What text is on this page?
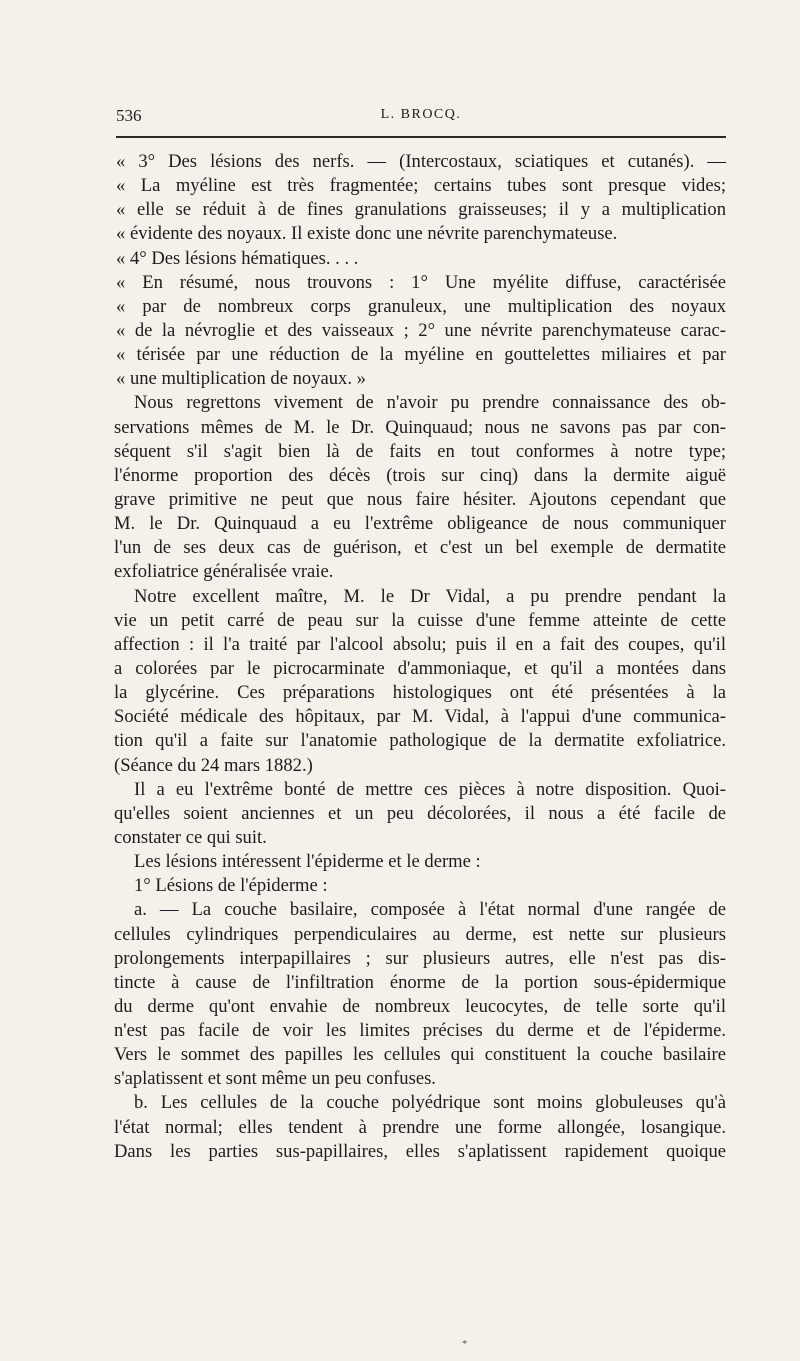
536	L. BROCQ.
« 3° Des lésions des nerfs. — (Intercostaux, sciatiques et cutanés). —
« La myéline est très fragmentée; certains tubes sont presque vides;
« elle se réduit à de fines granulations graisseuses; il y a multiplication
« évidente des noyaux. Il existe donc une névrite parenchymateuse.
« 4° Des lésions hématiques. . . .
« En résumé, nous trouvons : 1° Une myélite diffuse, caractérisée
« par de nombreux corps granuleux, une multiplication des noyaux
« de la névroglie et des vaisseaux ; 2° une névrite parenchymateuse carac-
« térisée par une réduction de la myéline en gouttelettes miliaires et par
« une multiplication de noyaux. »
Nous regrettons vivement de n'avoir pu prendre connaissance des ob-
servations mêmes de M. le Dr. Quinquaud; nous ne savons pas par con-
séquent s'il s'agit bien là de faits en tout conformes à notre type;
l'énorme proportion des décès (trois sur cinq) dans la dermite aiguë
grave primitive ne peut que nous faire hésiter. Ajoutons cependant que
M. le Dr. Quinquaud a eu l'extrême obligeance de nous communiquer
l'un de ses deux cas de guérison, et c'est un bel exemple de dermatite
exfoliatrice généralisée vraie.
Notre excellent maître, M. le Dr Vidal, a pu prendre pendant la
vie un petit carré de peau sur la cuisse d'une femme atteinte de cette
affection : il l'a traité par l'alcool absolu; puis il en a fait des coupes, qu'il
a colorées par le picrocarminate d'ammoniaque, et qu'il a montées dans
la glycérine. Ces préparations histologiques ont été présentées à la
Société médicale des hôpitaux, par M. Vidal, à l'appui d'une communica-
tion qu'il a faite sur l'anatomie pathologique de la dermatite exfoliatrice.
(Séance du 24 mars 1882.)
Il a eu l'extrême bonté de mettre ces pièces à notre disposition. Quoi-
qu'elles soient anciennes et un peu décolorées, il nous a été facile de
constater ce qui suit.
Les lésions intéressent l'épiderme et le derme :
1° Lésions de l'épiderme :
a. — La couche basilaire, composée à l'état normal d'une rangée de
cellules cylindriques perpendiculaires au derme, est nette sur plusieurs
prolongements interpapillaires ; sur plusieurs autres, elle n'est pas dis-
tincte à cause de l'infiltration énorme de la portion sous-épidermique
du derme qu'ont envahie de nombreux leucocytes, de telle sorte qu'il
n'est pas facile de voir les limites précises du derme et de l'épiderme.
Vers le sommet des papilles les cellules qui constituent la couche basilaire
s'aplatissent et sont même un peu confuses.
b. Les cellules de la couche polyédrique sont moins globuleuses qu'à
l'état normal; elles tendent à prendre une forme allongée, losangique.
Dans les parties sus-papillaires, elles s'aplatissent rapidement quoique
*
